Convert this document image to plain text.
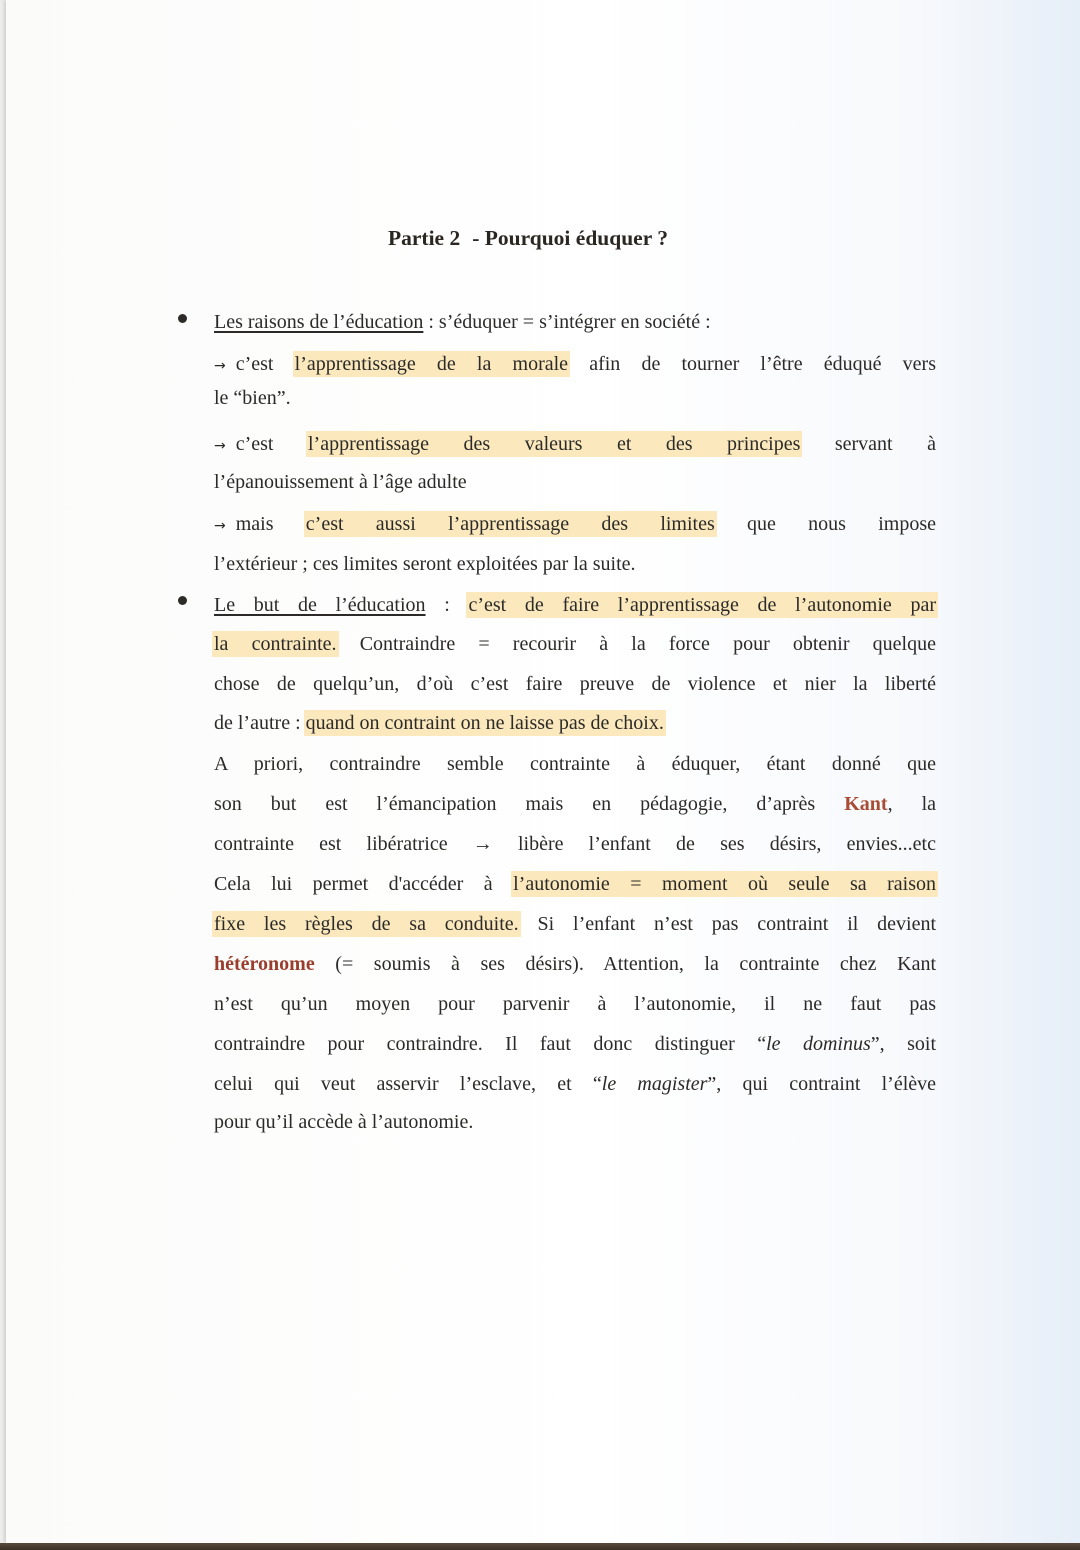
Partie 2 - Pourquoi éduquer ?
Les raisons de l’éducation : s’éduquer = s’intégrer en société :
→ c’est l’apprentissage de la morale afin de tourner l’être éduqué vers
le “bien”.
→ c’est l’apprentissage des valeurs et des principes servant à
l’épanouissement à l’âge adulte
→ mais c’est aussi l’apprentissage des limites que nous impose
l’extérieur ; ces limites seront exploitées par la suite.
Le but de l’éducation : c’est de faire l’apprentissage de l’autonomie par
la contrainte. Contraindre = recourir à la force pour obtenir quelque
chose de quelqu’un, d’où c’est faire preuve de violence et nier la liberté
de l’autre : quand on contraint on ne laisse pas de choix.
A priori, contraindre semble contrainte à éduquer, étant donné que
son but est l’émancipation mais en pédagogie, d’après Kant, la
contrainte est libératrice → libère l’enfant de ses désirs, envies...etc
Cela lui permet d'accéder à l’autonomie = moment où seule sa raison
fixe les règles de sa conduite. Si l’enfant n’est pas contraint il devient
hétéronome (= soumis à ses désirs). Attention, la contrainte chez Kant
n’est qu’un moyen pour parvenir à l’autonomie, il ne faut pas
contraindre pour contraindre. Il faut donc distinguer “le dominus”, soit
celui qui veut asservir l’esclave, et “le magister”, qui contraint l’élève
pour qu’il accède à l’autonomie.
